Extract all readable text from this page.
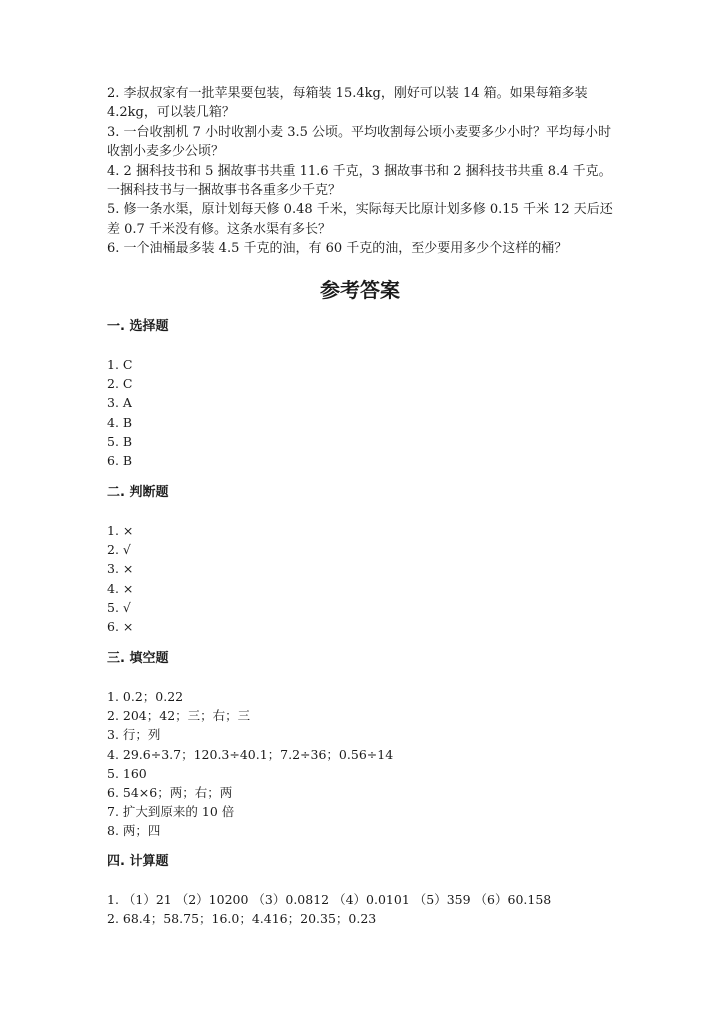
2. 李叔叔家有一批苹果要包装，每箱装 15.4kg，刚好可以装 14 箱。如果每箱多装 4.2kg，可以装几箱？

3. 一台收割机 7 小时收割小麦 3.5 公顷。平均收割每公顷小麦要多少小时？平均每小时收割小麦多少公顷？

4. 2 捆科技书和 5 捆故事书共重 11.6 千克，3 捆故事书和 2 捆科技书共重 8.4 千克。一捆科技书与一捆故事书各重多少千克？

5. 修一条水渠，原计划每天修 0.48 千米，实际每天比原计划多修 0.15 千米 12 天后还差 0.7 千米没有修。这条水渠有多长？

6. 一个油桶最多装 4.5 千克的油，有 60 千克的油，至少要用多少个这样的桶？

参考答案
一. 选择题
1. C
2. C
3. A
4. B
5. B
6. B
二. 判断题
1. ×
2. √
3. ×
4. ×
5. √
6. ×
三. 填空题
1. 0.2；0.22
2. 204；42；三；右；三
3. 行；列
4. 29.6÷3.7；120.3÷40.1；7.2÷36；0.56÷14
5. 160
6. 54×6；两；右；两
7. 扩大到原来的 10 倍
8. 两；四
四. 计算题
1. （1）21 （2）10200 （3）0.0812 （4）0.0101 （5）359 （6）60.158
2. 68.4；58.75；16.0；4.416；20.35；0.23
